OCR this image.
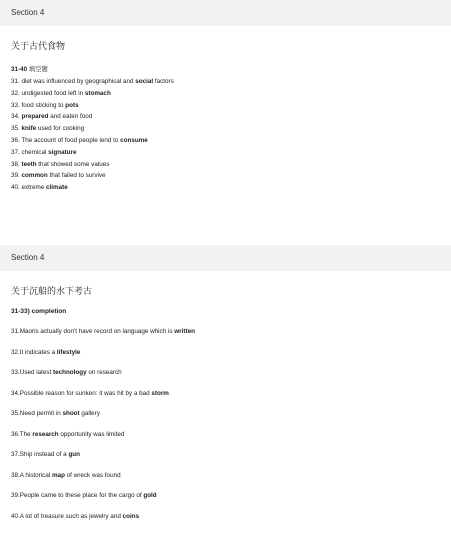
Section 4
关于古代食物
31-40 填空题
31. diet was influenced by geographical and social factors
32. undigested food left in stomach
33. food sticking to pots
34. prepared and eaten food
35. knife used for cooking
36. The account of food people lend to consume
37. chemical signature
38. teeth that showed some values
39. common that failed to survive
40. extreme climate
Section 4
关于沉船的水下考古
31-33) completion
31.Maoris actually don't have record on language which is written
32.It indicates a lifestyle
33.Used latest technology on research
34.Possible reason for sunken: it was hit by a bad storm
35.Need permit in shoot gallery
36.The research opportunity was limited
37.Ship instead of a gun
38.A historical map of wreck was found
39.People came to these place for the cargo of gold
40.A lot of treasure such as jewelry and coins
